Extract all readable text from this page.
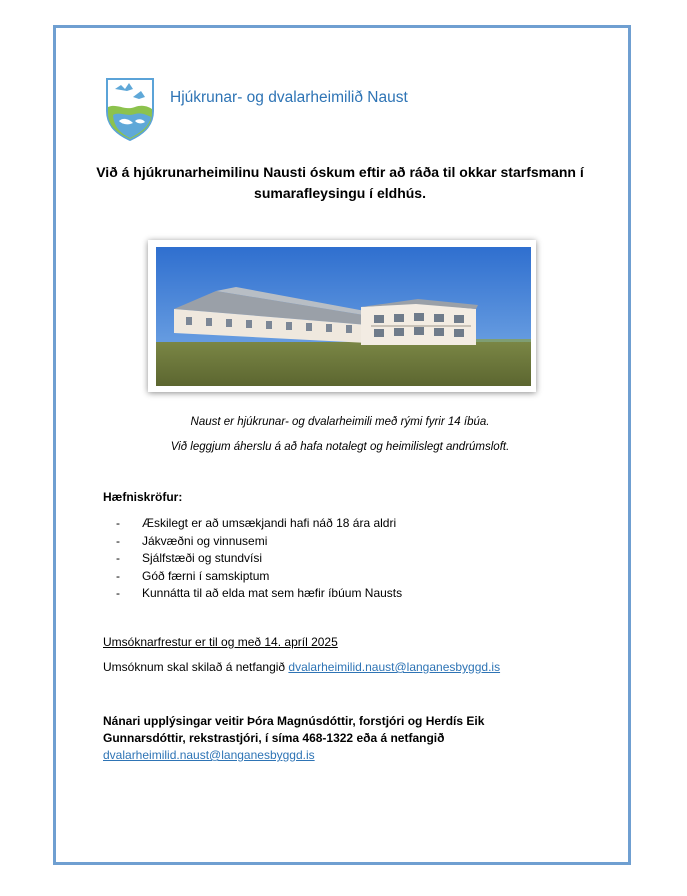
Hjúkrunar- og dvalarheimilið Naust
Við á hjúkrunarheimilinu Nausti óskum eftir að ráða til okkar starfsmann í sumarafleysingu í eldhús.
Naust er hjúkrunar- og dvalarheimili með rými fyrir 14 íbúa.
Við leggjum áherslu á að hafa notalegt og heimilislegt andrúmsloft.
Hæfniskröfur:
-	Æskilegt er að umsækjandi hafi náð 18 ára aldri
-	Jákvæðni og vinnusemi
-	Sjálfstæði og stundvísi
-	Góð færni í samskiptum
-	Kunnátta til að elda mat sem hæfir íbúum Nausts
Umsóknarfrestur er til og með 14. apríl 2025
Umsóknum skal skilað á netfangið dvalarheimilid.naust@langanesbyggd.is
Nánari upplýsingar veitir Þóra Magnúsdóttir, forstjóri og Herdís Eik Gunnarsdóttir, rekstrastjóri, í síma 468-1322 eða á netfangið dvalarheimilid.naust@langanesbyggd.is
